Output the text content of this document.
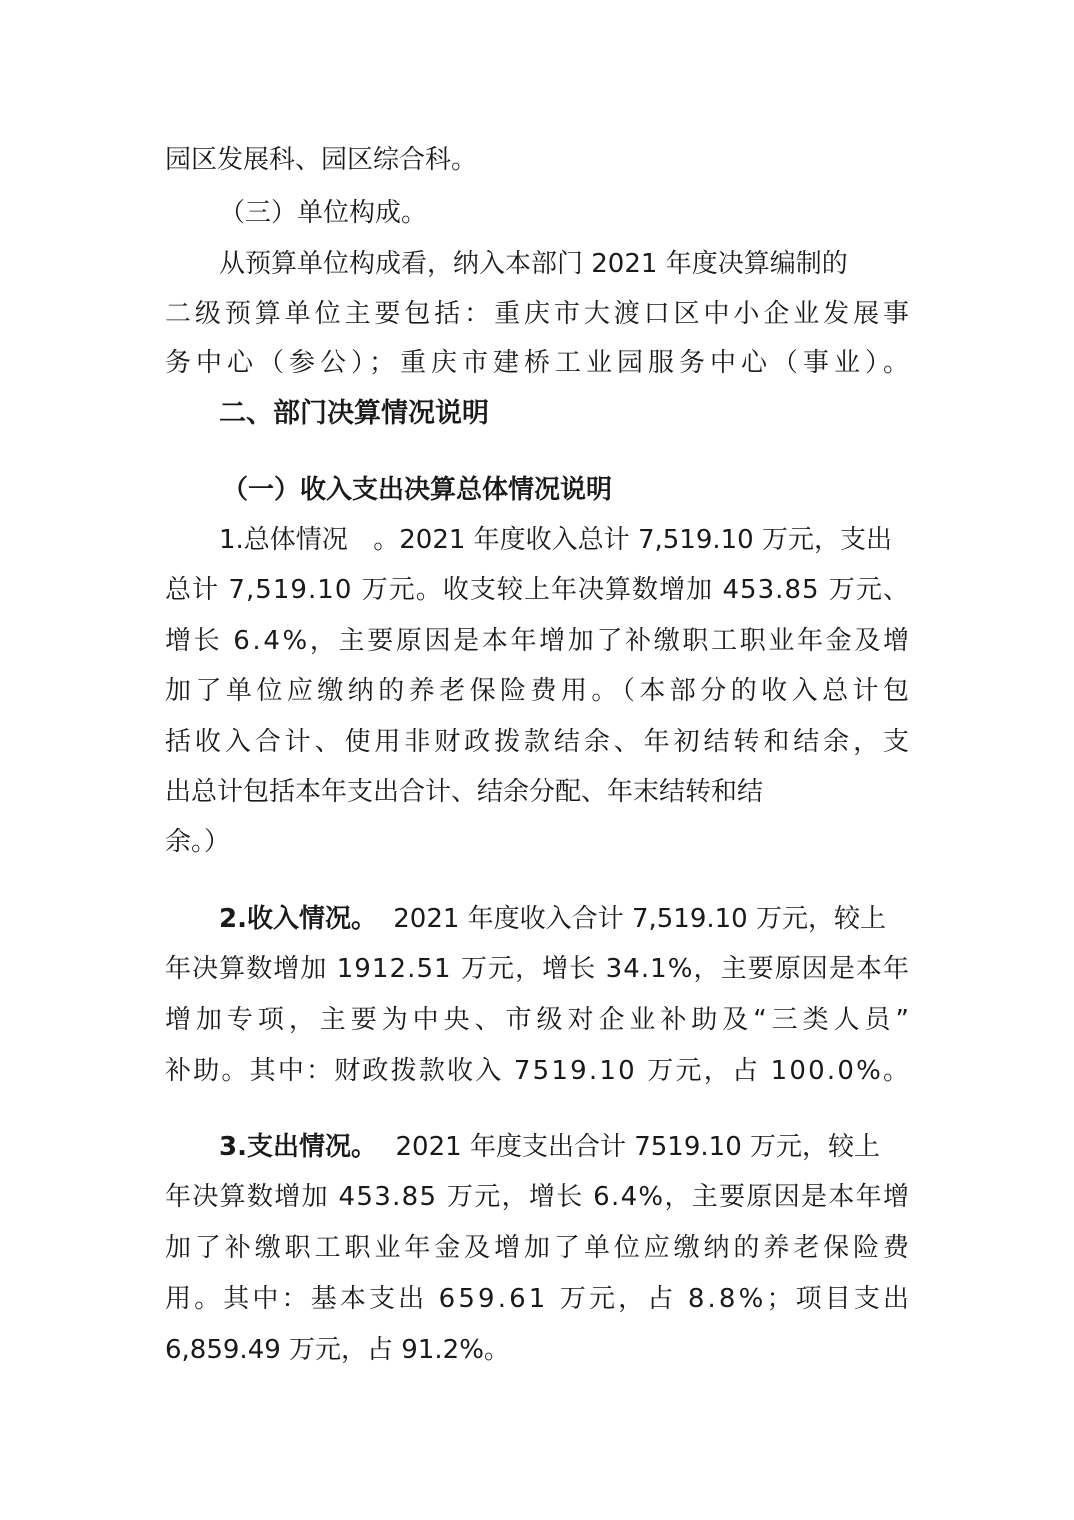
园区发展科、园区综合科。
（三）单位构成。
从预算单位构成看，纳入本部门 2021 年度决算编制的
二级预算单位主要包括：重庆市大渡口区中小企业发展事
务中心（参公）；重庆市建桥工业园服务中心（事业）。
二、部门决算情况说明
（一）收入支出决算总体情况说明
1.总体情况 。2021 年度收入总计 7,519.10 万元，支出
总计 7,519.10 万元。收支较上年决算数增加 453.85 万元、
增长 6.4%，主要原因是本年增加了补缴职工职业年金及增
加了单位应缴纳的养老保险费用。（本部分的收入总计包
括收入合计、使用非财政拨款结余、年初结转和结余，支
出总计包括本年支出合计、结余分配、年末结转和结
余。）
2.收入情况。 2021 年度收入合计 7,519.10 万元，较上
年决算数增加 1912.51 万元，增长 34.1%，主要原因是本年
增加专项，主要为中央、市级对企业补助及“三类人员”
补助。其中：财政拨款收入 7519.10 万元，占 100.0%。
3.支出情况。 2021 年度支出合计 7519.10 万元，较上
年决算数增加 453.85 万元，增长 6.4%，主要原因是本年增
加了补缴职工职业年金及增加了单位应缴纳的养老保险费
用。其中：基本支出 659.61 万元，占 8.8%；项目支出
6,859.49 万元，占 91.2%。
